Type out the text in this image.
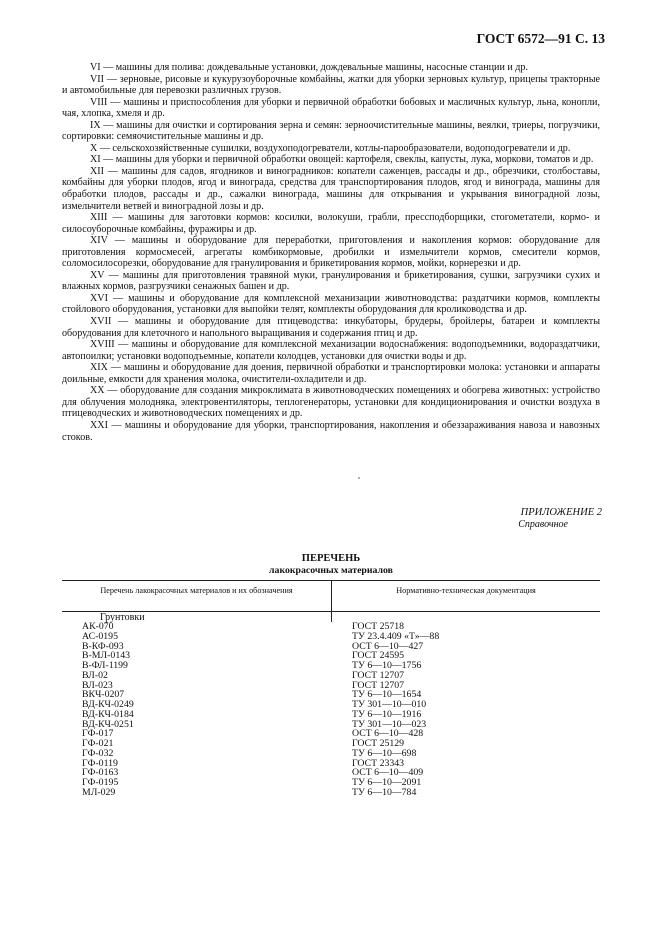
ГОСТ 6572—91 С. 13

VI — машины для полива: дождевальные установки, дождевальные машины, насосные станции и др.

VII — зерновые, рисовые и кукурузоуборочные комбайны, жатки для уборки зерновых культур, прицепы тракторные и автомобильные для перевозки различных грузов.

VIII — машины и приспособления для уборки и первичной обработки бобовых и масличных культур, льна, конопли, чая, хлопка, хмеля и др.

IX — машины для очистки и сортирования зерна и семян: зерноочистительные машины, веялки, триеры, погрузчики, сортировки: семяочистительные машины и др.

X — сельскохозяйственные сушилки, воздухоподогреватели, котлы-парообразователи, водоподогреватели и др.

XI — машины для уборки и первичной обработки овощей: картофеля, свеклы, капусты, лука, моркови, томатов и др.

XII — машины для садов, ягодников и виноградников: копатели саженцев, рассады и др., обрезчики, столбоставы, комбайны для уборки плодов, ягод и винограда, средства для транспортирования плодов, ягод и винограда, машины для обработки плодов, рассады и др., сажалки винограда, машины для открывания и укрывания виноградной лозы, измельчители ветвей и виноградной лозы и др.

XIII — машины для заготовки кормов: косилки, волокуши, грабли, пресcподборщики, стогометатели, кормо- и силосоуборочные комбайны, фуражиры и др.

XIV — машины и оборудование для переработки, приготовления и накопления кормов: оборудование для приготовления кормосмесей, агрегаты комбикормовые, дробилки и измельчители кормов, смесители кормов, соломосилосорезки, оборудование для гранулирования и брикетирования кормов, мойки, корнерезки и др.

XV — машины для приготовления травяной муки, гранулирования и брикетирования, сушки, загрузчики сухих и влажных кормов, разгрузчики сенажных башен и др.

XVI — машины и оборудование для комплексной механизации животноводства: раздатчики кормов, комплекты стойлового оборудования, установки для выпойки телят, комплекты оборудования для кролиководства и др.

XVII — машины и оборудование для птицеводства: инкубаторы, брудеры, бройлеры, батареи и комплекты оборудования для клеточного и напольного выращивания и содержания птиц и др.

XVIII — машины и оборудование для комплексной механизации водоснабжения: водоподъемники, водораздатчики, автопоилки; установки водоподъемные, копатели колодцев, установки для очистки воды и др.

XIX — машины и оборудование для доения, первичной обработки и транспортировки молока: установки и аппараты доильные, емкости для хранения молока, очистители-охладители и др.

XX — оборудование для создания микроклимата в животноводческих помещениях и обогрева животных: устройство для облучения молодняка, электровентиляторы, теплогенераторы, установки для кондиционирования и очистки воздуха в птицеводческих и животноводческих помещениях и др.

XXI — машины и оборудование для уборки, транспортирования, накопления и обеззараживания навоза и навозных стоков.

ПРИЛОЖЕНИЕ 2
Справочное
ПЕРЕЧЕНЬ
лакокрасочных материалов
Перечень лакокрасочных материалов и их обозначения	Нормативно-техническая документация
Грунтовки
АК-070
АС-0195
В-КФ-093
В-МЛ-0143
В-ФЛ-1199
ВЛ-02
ВЛ-023
ВКЧ-0207
ВД-КЧ-0249
ВД-КЧ-0184
ВД-КЧ-0251
ГФ-017
ГФ-021
ГФ-032
ГФ-0119
ГФ-0163
ГФ-0195
МЛ-029
ГОСТ 25718
ТУ 23.4.409 «Т»—88
ОСТ 6—10—427
ГОСТ 24595
ТУ 6—10—1756
ГОСТ 12707
ГОСТ 12707
ТУ 6—10—1654
ТУ 301—10—010
ТУ 6—10—1916
ТУ 301—10—023
ОСТ 6—10—428
ГОСТ 25129
ТУ 6—10—698
ГОСТ 23343
ОСТ 6—10—409
ТУ 6—10—2091
ТУ 6—10—784
